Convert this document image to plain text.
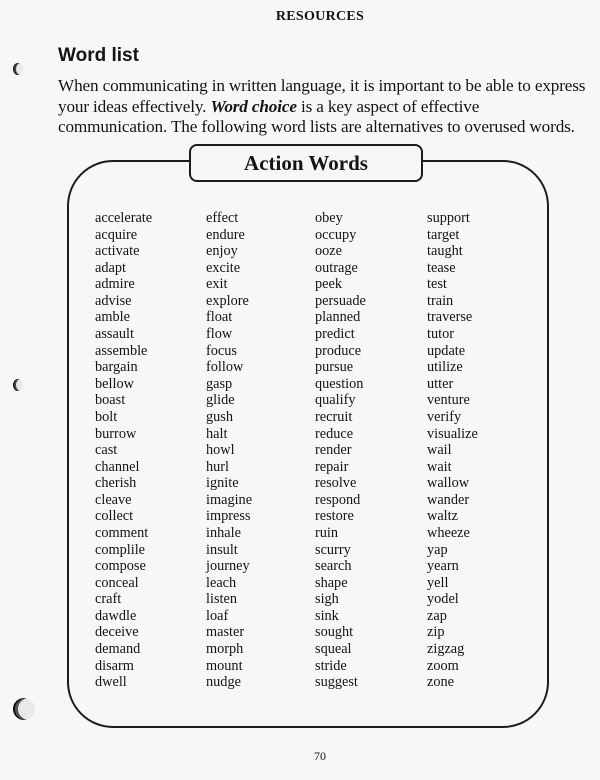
RESOURCES
Word list
When communicating in written language, it is important to be able to express your ideas effectively. Word choice is a key aspect of effective communication. The following word lists are alternatives to overused words.
Action Words
accelerate
acquire
activate
adapt
admire
advise
amble
assault
assemble
bargain
bellow
boast
bolt
burrow
cast
channel
cherish
cleave
collect
comment
complile
compose
conceal
craft
dawdle
deceive
demand
disarm
dwell
effect
endure
enjoy
excite
exit
explore
float
flow
focus
follow
gasp
glide
gush
halt
howl
hurl
ignite
imagine
impress
inhale
insult
journey
leach
listen
loaf
master
morph
mount
nudge
obey
occupy
ooze
outrage
peek
persuade
planned
predict
produce
pursue
question
qualify
recruit
reduce
render
repair
resolve
respond
restore
ruin
scurry
search
shape
sigh
sink
sought
squeal
stride
suggest
support
target
taught
tease
test
train
traverse
tutor
update
utilize
utter
venture
verify
visualize
wail
wait
wallow
wander
waltz
wheeze
yap
yearn
yell
yodel
zap
zip
zigzag
zoom
zone
70
